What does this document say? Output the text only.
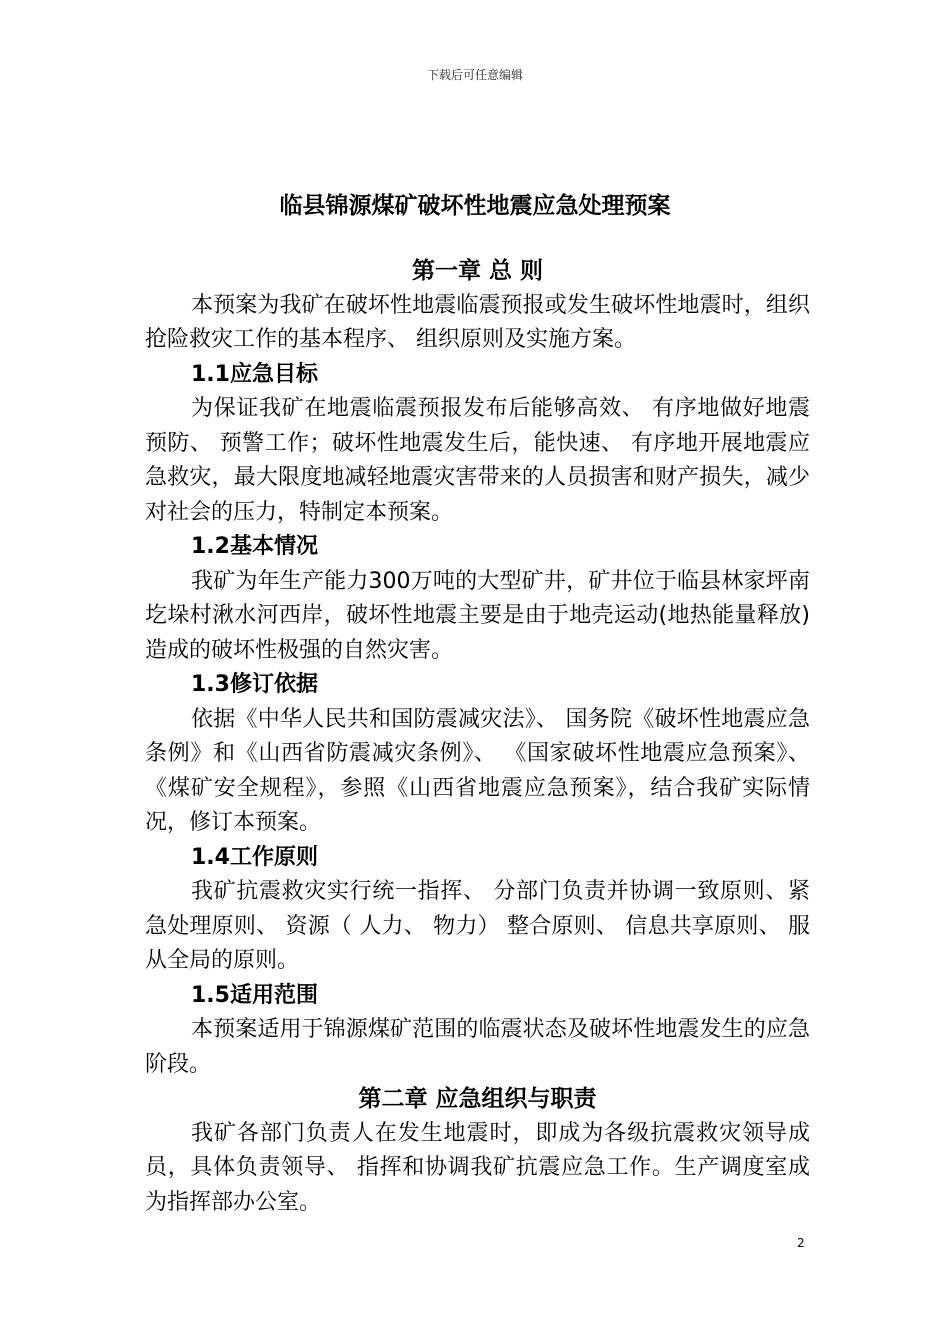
下载后可任意编辑
临县锦源煤矿破坏性地震应急处理预案
第一章 总 则

本预案为我矿在破坏性地震临震预报或发生破坏性地震时，组织抢险救灾工作的基本程序、 组织原则及实施方案。

1.1应急目标

为保证我矿在地震临震预报发布后能够高效、 有序地做好地震预防、 预警工作；破坏性地震发生后，能快速、 有序地开展地震应急救灾，最大限度地减轻地震灾害带来的人员损害和财产损失，减少对社会的压力，特制定本预案。

1.2基本情况

我矿为年生产能力300万吨的大型矿井，矿井位于临县林家坪南圪垛村湫水河西岸，破坏性地震主要是由于地壳运动(地热能量释放)造成的破坏性极强的自然灾害。

1.3修订依据

依据《中华人民共和国防震减灾法》、 国务院《破坏性地震应急条例》和《山西省防震减灾条例》、 《国家破坏性地震应急预案》、 《煤矿安全规程》，参照《山西省地震应急预案》，结合我矿实际情况，修订本预案。

1.4工作原则

我矿抗震救灾实行统一指挥、 分部门负责并协调一致原则、紧急处理原则、 资源（ 人力、 物力） 整合原则、 信息共享原则、 服从全局的原则。

1.5适用范围

本预案适用于锦源煤矿范围的临震状态及破坏性地震发生的应急阶段。

第二章 应急组织与职责

我矿各部门负责人在发生地震时，即成为各级抗震救灾领导成员，具体负责领导、 指挥和协调我矿抗震应急工作。生产调度室成为指挥部办公室。

2
